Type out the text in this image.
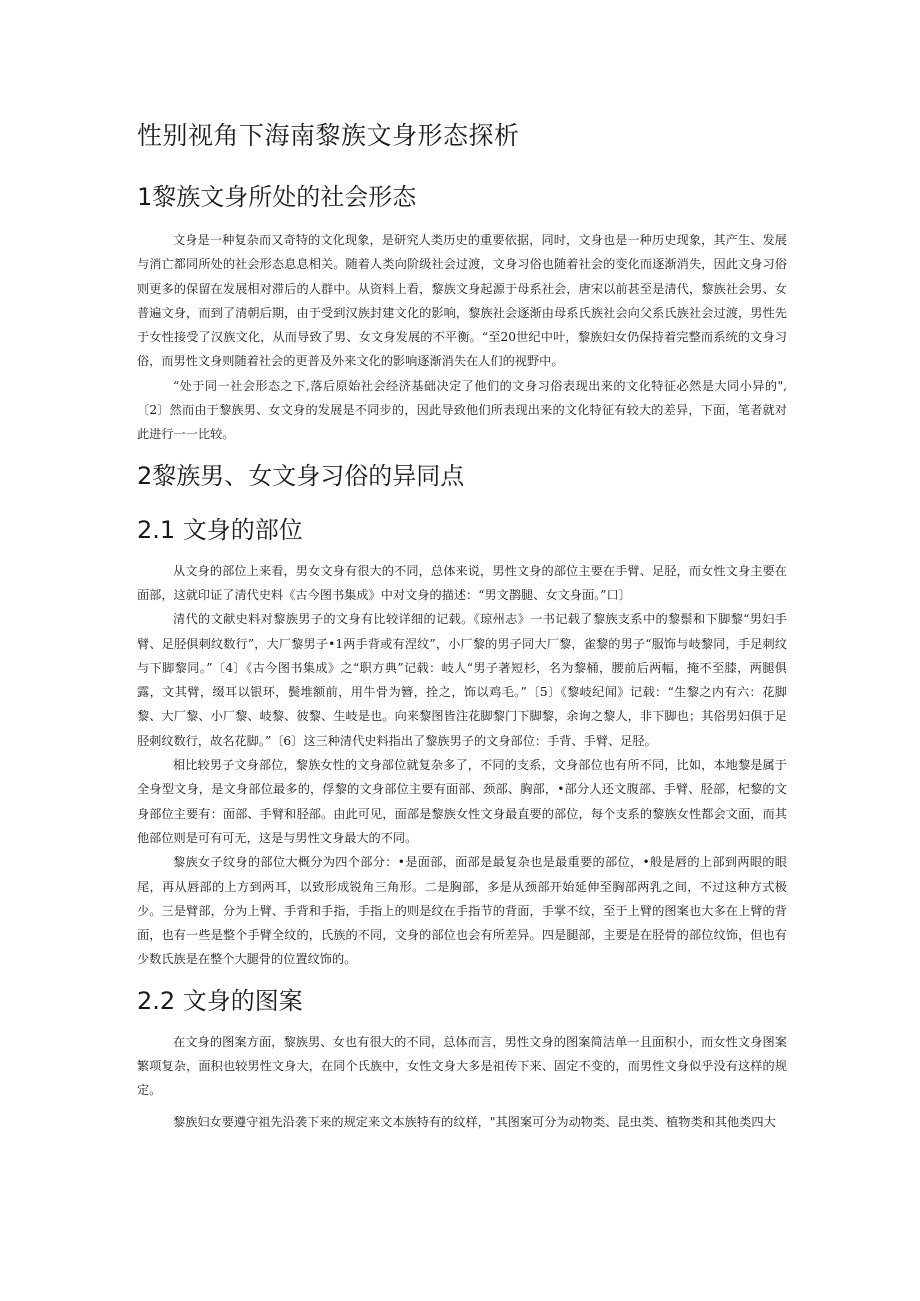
性别视角下海南黎族文身形态探析
1黎族文身所处的社会形态

文身是一种复杂而又奇特的文化现象，是研究人类历史的重要依据，同时，文身也是一种历史现象，其产生、发展与消亡都同所处的社会形态息息相关。随着人类向阶级社会过渡，文身习俗也随着社会的变化而逐渐消失，因此文身习俗则更多的保留在发展相对滞后的人群中。从资料上看，黎族文身起源于母系社会，唐宋以前甚至是清代，黎族社会男、女普遍文身，而到了清朝后期，由于受到汉族封建文化的影响，黎族社会逐渐由母系氏族社会向父系氏族社会过渡，男性先于女性接受了汉族文化，从而导致了男、女文身发展的不平衡。“至20世纪中叶，黎族妇女仍保持着完整而系统的文身习俗，而男性文身则随着社会的更普及外来文化的影响逐渐消失在人们的视野中。

“处于同一社会形态之下,落后原始社会经济基础决定了他们的文身习俗表现出来的文化特征必然是大同小异的",〔2〕然而由于黎族男、女文身的发展是不同步的，因此导致他们所表现出来的文化特征有较大的差异，下面，笔者就对此进行一一比较。

2黎族男、女文身习俗的异同点
2.1 文身的部位

从文身的部位上来看，男女文身有很大的不同，总体来说，男性文身的部位主要在手臂、足胫，而女性文身主要在面部，这就印证了清代史料《古今图书集成》中对文身的描述：“男文鹊腿、女文身面。”口〕

清代的文献史料对黎族男子的文身有比较详细的记载。《琼州志》一书记载了黎族支系中的黎鬃和下脚黎“男妇手臂、足胫俱刺纹数行”，大厂黎男子•1两手背或有涅纹”，小厂黎的男子同大厂黎，雀黎的男子“服饰与岐黎同，手足刺纹与下脚黎同。”〔4〕《古今图书集成》之“职方典”记载：岐人“男子著短杉，名为黎桶，腰前后两幅，掩不至膝，两腿俱露，文其臂，缀耳以银环，鬓堆额前，用牛骨为簪，拴之，饰以鸡毛。”〔5〕《黎岐纪闻》记载：“生黎之内有六：花脚黎、大厂黎、小厂黎、岐黎、彼黎、生岐是也。向来黎图皆注花脚黎门下脚黎，余询之黎人，非下脚也；其俗男妇俱于足胫刺纹数行，故名花脚。”〔6〕这三种清代史料指出了黎族男子的文身部位：手背、手臂、足胫。

相比较男子文身部位，黎族女性的文身部位就复杂多了，不同的支系，文身部位也有所不同，比如，本地黎是属于全身型文身，是文身部位最多的，俘黎的文身部位主要有面部、颈部、胸部，•部分人还文腹部、手臂、胫部，杞黎的文身部位主要有：面部、手臂和胫部。由此可见，面部是黎族女性文身最直要的部位，每个支系的黎族女性都会文面，而其他部位则是可有可无，这是与男性文身最大的不同。

黎族女子纹身的部位大概分为四个部分：•是面部，面部是最复杂也是最重要的部位，•般是唇的上部到两眼的眼尾，再从唇部的上方到两耳，以致形成锐角三角形。二是胸部，多是从颈部开始延伸至胸部两乳之间，不过这种方式极少。三是臂部，分为上臂、手背和手指，手指上的则是纹在手指节的背面，手掌不纹，至于上臂的图案也大多在上臂的背面，也有一些是整个手臂全纹的，氏族的不同，文身的部位也会有所差异。四是腿部，主要是在胫骨的部位纹饰，但也有少数氏族是在整个大腿骨的位置纹饰的。

2.2 文身的图案

在文身的图案方面，黎族男、女也有很大的不同，总体而言，男性文身的图案简洁单一且面积小，而女性文身图案繁项复杂，面积也较男性文身大，在同个氏族中，女性文身大多是祖传下来、固定不变的，而男性文身似乎没有这样的规定。

黎族妇女要遵守祖先沿袭下来的规定来文本族特有的纹样，"其图案可分为动物类、昆虫类、植物类和其他类四大
